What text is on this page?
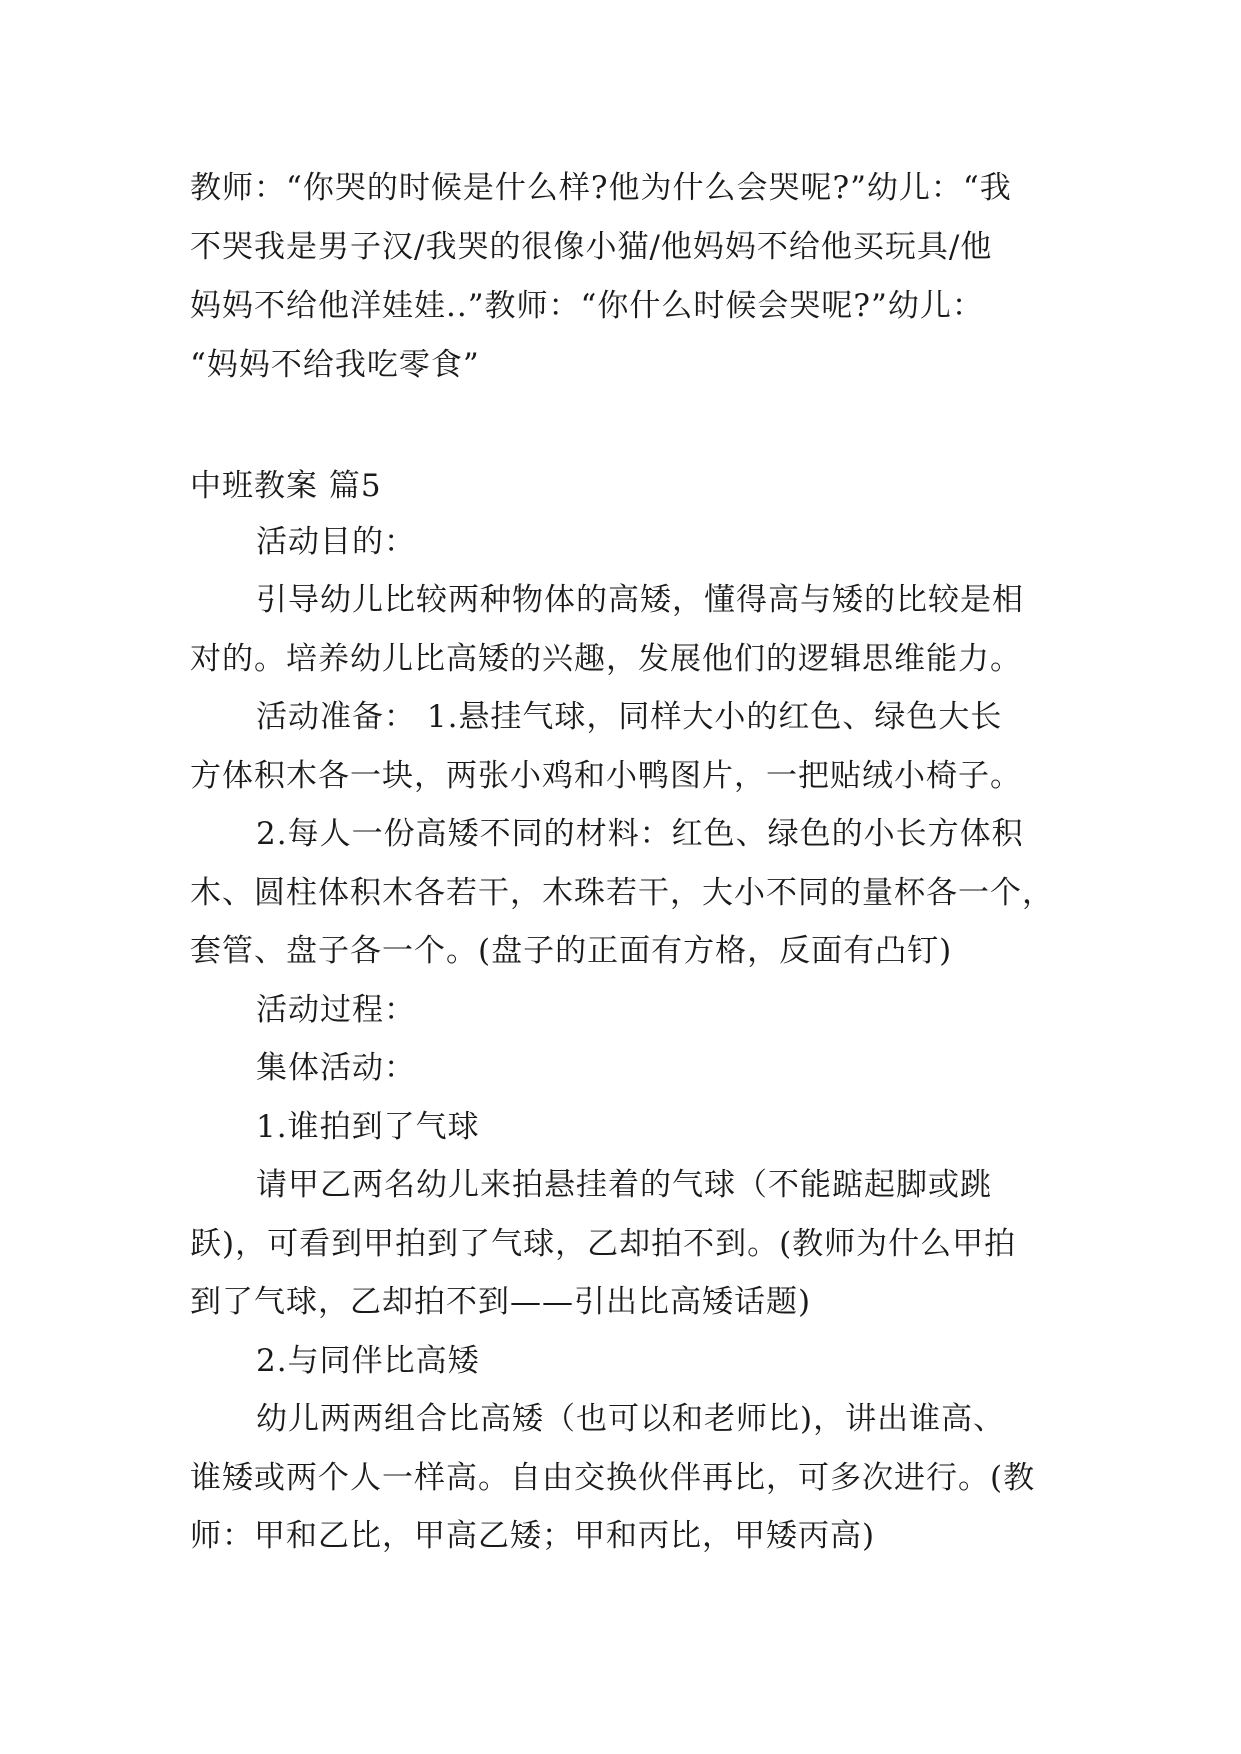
教师：“你哭的时候是什么样?他为什么会哭呢?”幼儿：“我

不哭我是男子汉/我哭的很像小猫/他妈妈不给他买玩具/他

妈妈不给他洋娃娃..”教师：“你什么时候会哭呢?”幼儿：

“妈妈不给我吃零食”

中班教案 篇5

活动目的：

引导幼儿比较两种物体的高矮，懂得高与矮的比较是相

对的。培养幼儿比高矮的兴趣，发展他们的逻辑思维能力。

活动准备： 1.悬挂气球，同样大小的红色、绿色大长

方体积木各一块，两张小鸡和小鸭图片，一把贴绒小椅子。

2.每人一份高矮不同的材料：红色、绿色的小长方体积

木、圆柱体积木各若干，木珠若干，大小不同的量杯各一个，

套管、盘子各一个。(盘子的正面有方格，反面有凸钉)

活动过程：

集体活动：

1.谁拍到了气球

请甲乙两名幼儿来拍悬挂着的气球（不能踮起脚或跳

跃)，可看到甲拍到了气球，乙却拍不到。(教师为什么甲拍

到了气球，乙却拍不到——引出比高矮话题)

2.与同伴比高矮

幼儿两两组合比高矮（也可以和老师比)，讲出谁高、

谁矮或两个人一样高。自由交换伙伴再比，可多次进行。(教

师：甲和乙比，甲高乙矮；甲和丙比，甲矮丙高)
